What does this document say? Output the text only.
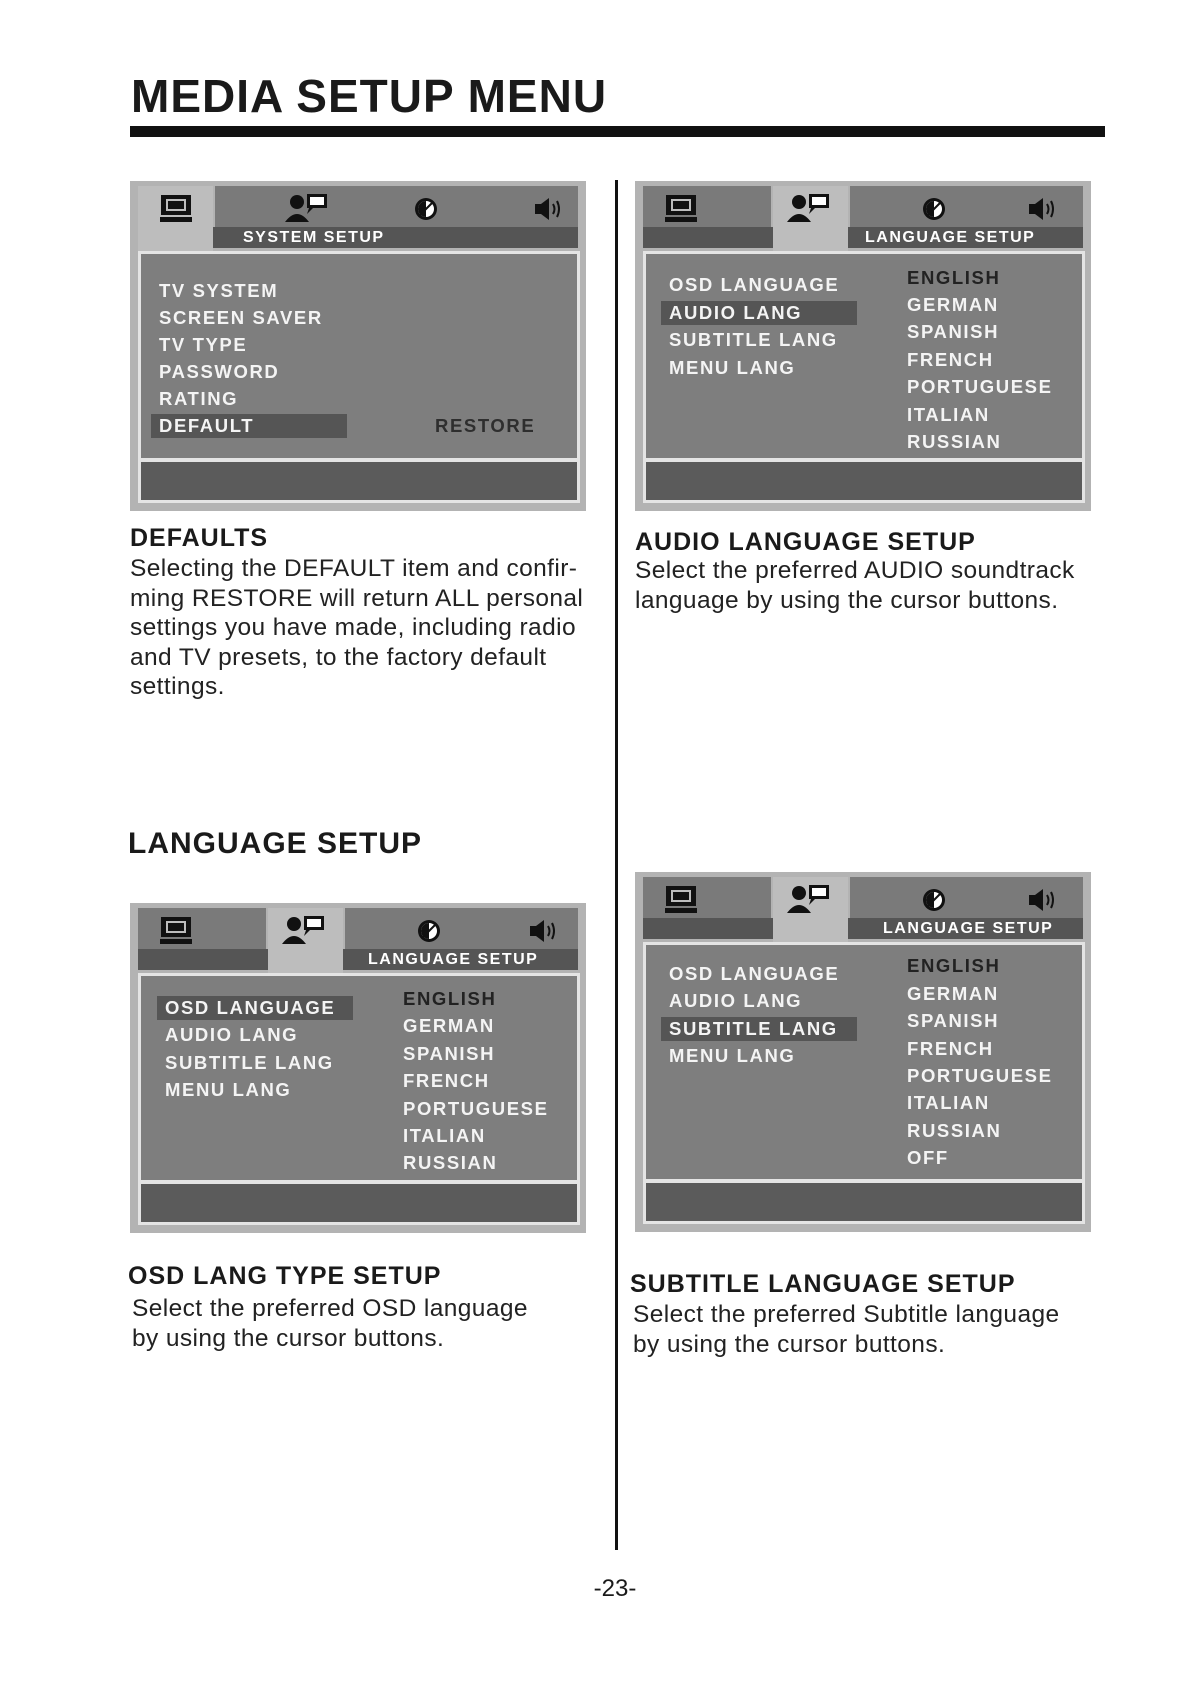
MEDIA SETUP MENU
SYSTEM SETUP
TV SYSTEM
SCREEN SAVER
TV TYPE
PASSWORD
RATING
DEFAULT	RESTORE
LANGUAGE SETUP
OSD LANGUAGE
AUDIO LANG
SUBTITLE LANG
MENU LANG
ENGLISH
GERMAN
SPANISH
FRENCH
PORTUGUESE
ITALIAN
RUSSIAN
LANGUAGE SETUP
OSD LANGUAGE
AUDIO LANG
SUBTITLE LANG
MENU LANG
ENGLISH
GERMAN
SPANISH
FRENCH
PORTUGUESE
ITALIAN
RUSSIAN
LANGUAGE SETUP
OSD LANGUAGE
AUDIO LANG
SUBTITLE LANG
MENU LANG
ENGLISH
GERMAN
SPANISH
FRENCH
PORTUGUESE
ITALIAN
RUSSIAN
OFF
DEFAULTS
Selecting the DEFAULT item and confir-
ming RESTORE will return ALL personal
settings you have made, including radio
and TV presets, to the factory default
settings.
AUDIO LANGUAGE SETUP
Select the preferred AUDIO soundtrack
language by using the cursor buttons.
LANGUAGE SETUP
OSD LANG TYPE SETUP
Select the preferred OSD language
by using the cursor buttons.
SUBTITLE LANGUAGE SETUP
Select the preferred Subtitle language
by using the cursor buttons.
-23-
